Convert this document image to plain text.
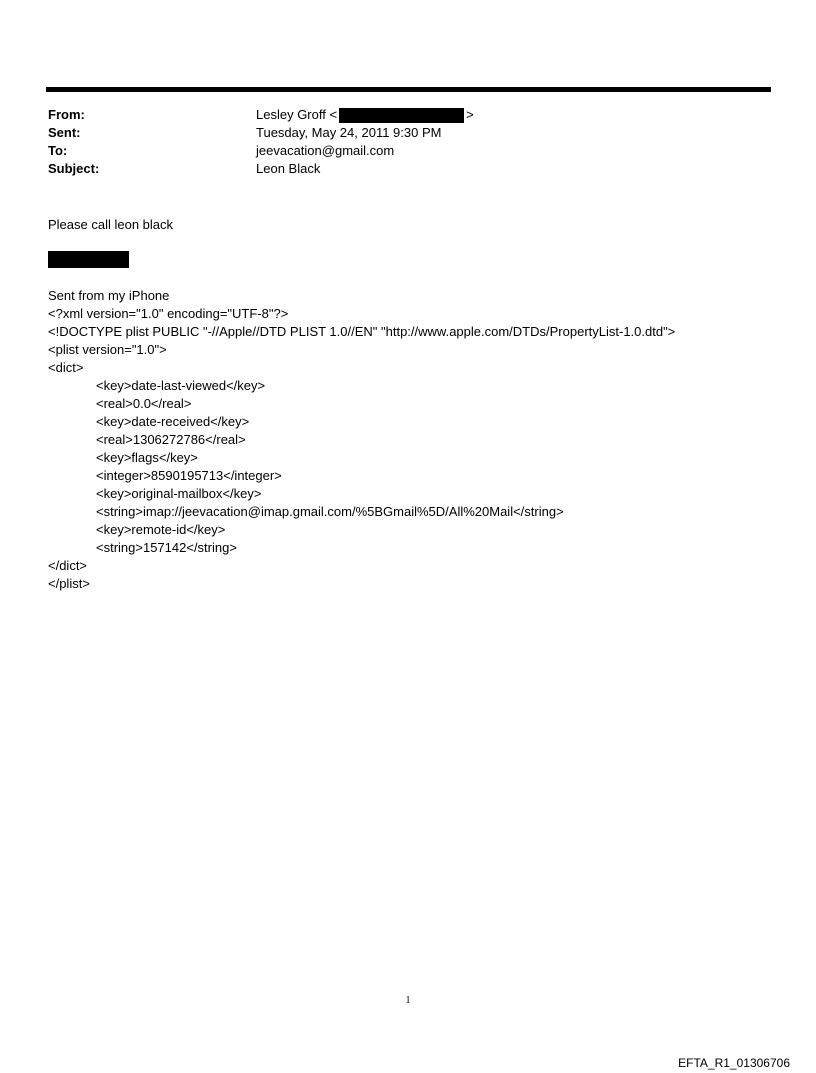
From:	Lesley Groff <	>
Sent:	Tuesday, May 24, 2011 9:30 PM
To:	jeevacation@gmail.com
Subject:	Leon Black
Please call leon black
Sent from my iPhone
<?xml version="1.0" encoding="UTF-8"?>
<!DOCTYPE plist PUBLIC "-//Apple//DTD PLIST 1.0//EN" "http://www.apple.com/DTDs/PropertyList-1.0.dtd">
<plist version="1.0">
<dict>
<key>date-last-viewed</key>
<real>0.0</real>
<key>date-received</key>
<real>1306272786</real>
<key>flags</key>
<integer>8590195713</integer>
<key>original-mailbox</key>
<string>imap://jeevacation@imap.gmail.com/%5BGmail%5D/All%20Mail</string>
<key>remote-id</key>
<string>157142</string>
</dict>
</plist>
1
EFTA_R1_01306706
